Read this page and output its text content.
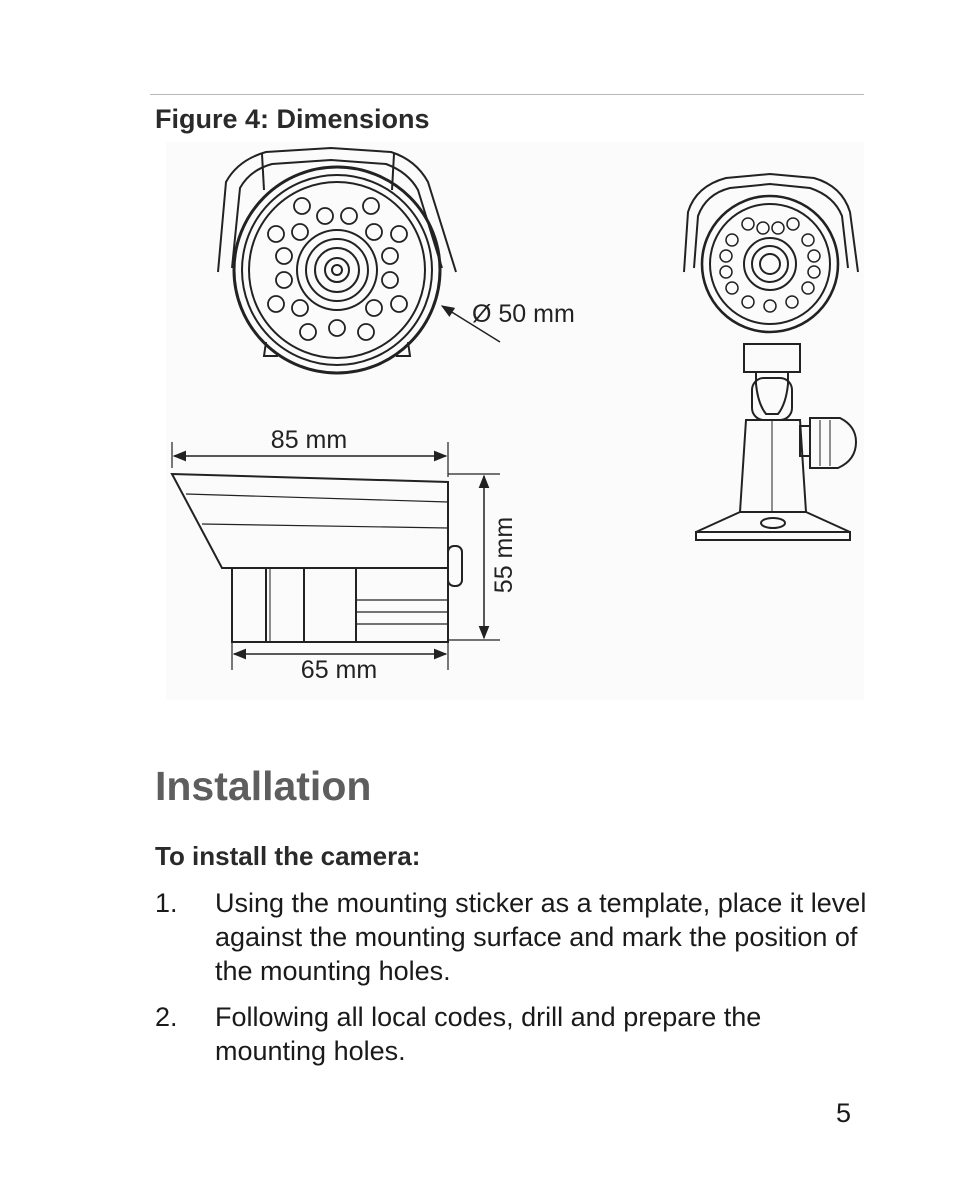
Figure 4: Dimensions
Ø 50 mm
85 mm
55 mm
65 mm
Installation
To install the camera:
1.	Using the mounting sticker as a template, place it level against the mounting surface and mark the position of the mounting holes.
2.	Following all local codes, drill and prepare the mounting holes.
5
